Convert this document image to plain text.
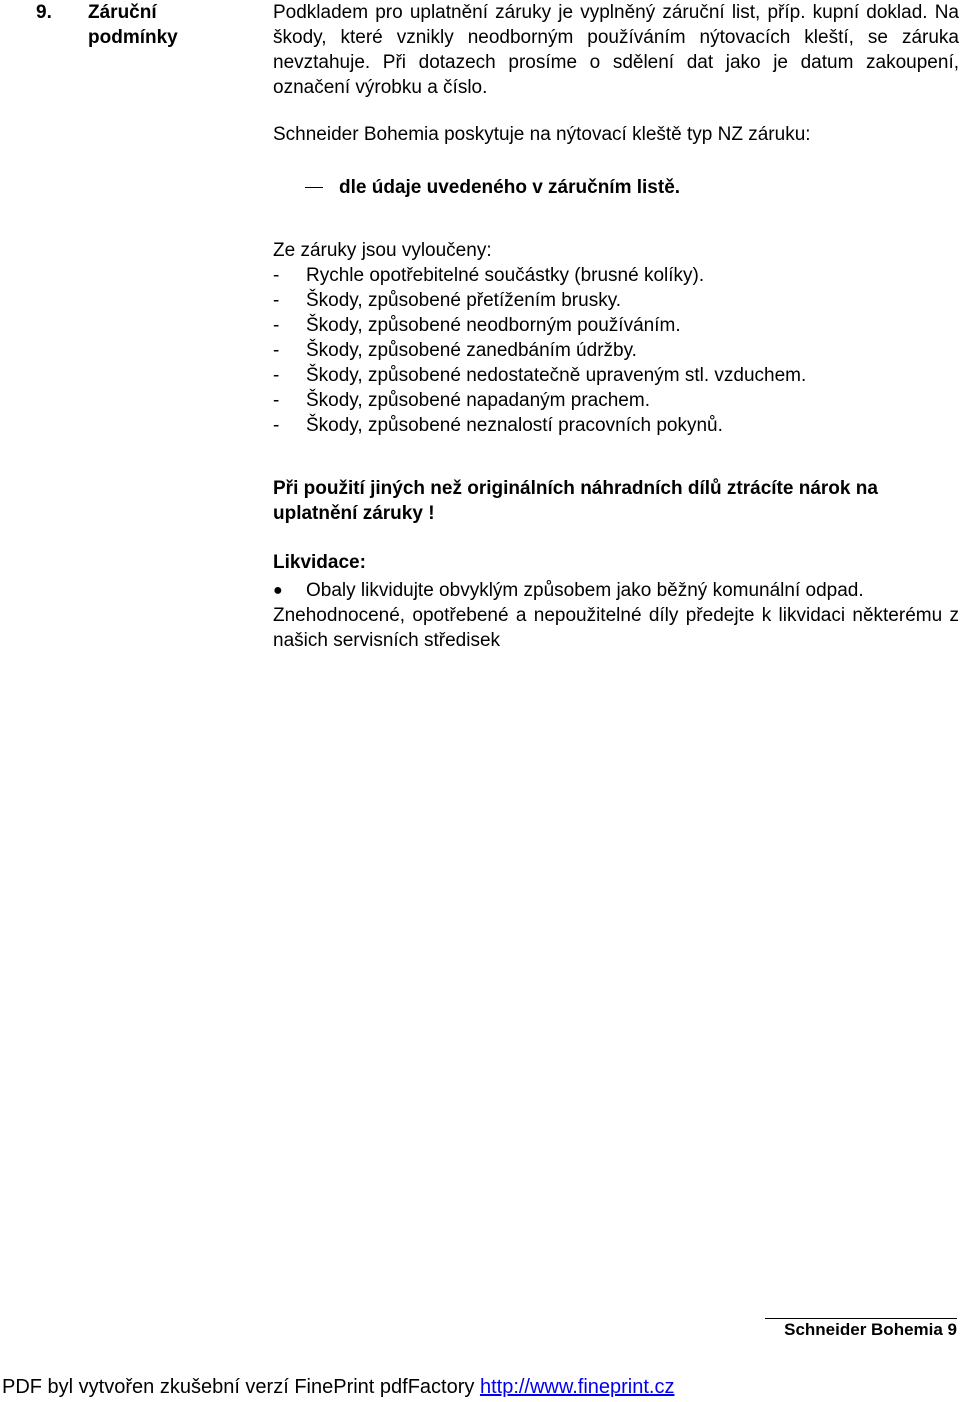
9. Záruční
podmínky

Podkladem pro uplatnění záruky je vyplněný záruční list, příp. kupní doklad. Na škody, které vznikly neodborným používáním nýtovacích kleští, se záruka nevztahuje. Při dotazech prosíme o sdělení dat jako je datum zakoupení, označení výrobku a číslo.

Schneider Bohemia poskytuje na nýtovací kleště typ NZ záruku:

dle údaje uvedeného v záručním listě.

Ze záruky jsou vyloučeny:

-	Rychle opotřebitelné součástky (brusné kolíky).
-	Škody, způsobené přetížením brusky.
-	Škody, způsobené neodborným používáním.
-	Škody, způsobené zanedbáním údržby.
-	Škody, způsobené nedostatečně upraveným stl. vzduchem.
-	Škody, způsobené napadaným prachem.
-	Škody, způsobené neznalostí pracovních pokynů.

Při použití jiných než originálních náhradních dílů ztrácíte nárok na uplatnění záruky !

Likvidace:

●	Obaly likvidujte obvyklým způsobem jako běžný komunální odpad.

Znehodnocené, opotřebené a nepoužitelné díly předejte k likvidaci některému z našich servisních středisek

Schneider Bohemia 9
PDF byl vytvořen zkušební verzí FinePrint pdfFactory http://www.fineprint.cz
